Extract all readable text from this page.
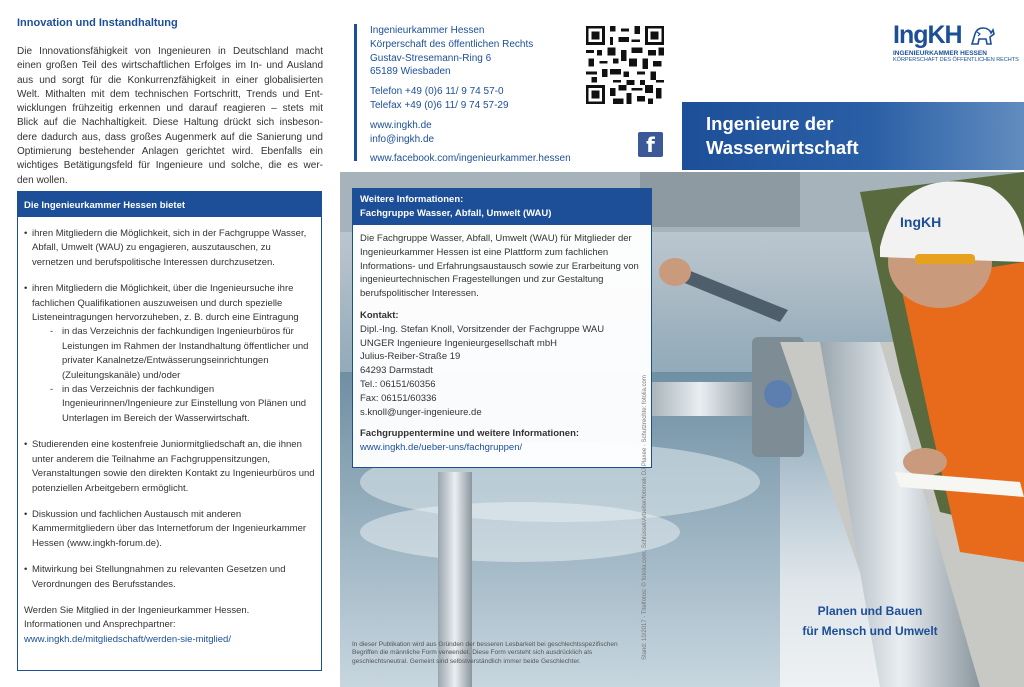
Innovation und Instandhaltung
Die Innovationsfähigkeit von Ingenieuren in Deutschland macht
einen großen Teil des wirtschaftlichen Erfolges im In- und Ausland
aus und sorgt für die Konkurrenzfähigkeit in einer globalisierten
Welt. Mithalten mit dem technischen Fortschritt, Trends und Ent-
wicklungen frühzeitig erkennen und darauf reagieren – stets mit
Blick auf die Nachhaltigkeit. Diese Haltung drückt sich insbeson-
dere dadurch aus, dass großes Augenmerk auf die Sanierung und
Optimierung bestehender Anlagen gerichtet wird. Ebenfalls ein
wichtiges Betätigungsfeld für Ingenieure und solche, die es wer-
den wollen.
Die Ingenieurkammer Hessen bietet
• ihren Mitgliedern die Möglichkeit, sich in der Fachgruppe Wasser, Abfall, Umwelt (WAU) zu engagieren, auszutauschen, zu vernetzen und berufspolitische Interessen durchzusetzen.
• ihren Mitgliedern die Möglichkeit, über die Ingenieursuche ihre fachlichen Qualifikationen auszuweisen und durch spezielle Listeneintragungen hervorzuheben, z. B. durch eine Eintragung
- in das Verzeichnis der fachkundigen Ingenieurbüros für Leistungen im Rahmen der Instandhaltung öffentlicher und privater Kanalnetze/Entwässerungseinrichtungen (Zuleitungskanäle) und/oder
- in das Verzeichnis der fachkundigen Ingenieurinnen/Ingenieure zur Einstellung von Plänen und Unterlagen im Bereich der Wasserwirtschaft.
• Studierenden eine kostenfreie Juniormitgliedschaft an, die ihnen unter anderem die Teilnahme an Fachgruppensitzungen, Veranstaltungen sowie den direkten Kontakt zu Ingenieurbüros und potenziellen Arbeitgebern ermöglicht.
• Diskussion und fachlichen Austausch mit anderen Kammermitgliedern über das Internetforum der Ingenieurkammer Hessen (www.ingkh-forum.de).
• Mitwirkung bei Stellungnahmen zu relevanten Gesetzen und Verordnungen des Berufsstandes.
Werden Sie Mitglied in der Ingenieurkammer Hessen.
Informationen und Ansprechpartner:
www.ingkh.de/mitgliedschaft/werden-sie-mitglied/
IngKH
Ingenieurkammer Hessen
Körperschaft des öffentlichen Rechts
Gustav-Stresemann-Ring 6
65189 Wiesbaden
Telefon +49 (0)6 11/ 9 74 57-0
Telefax +49 (0)6 11/ 9 74 57-29
www.ingkh.de
info@ingkh.de
www.facebook.com/ingenieurkammer.hessen
f
Weitere Informationen:
Fachgruppe Wasser, Abfall, Umwelt (WAU)

Die Fachgruppe Wasser, Abfall, Umwelt (WAU) für Mitglieder der Ingenieurkammer Hessen ist eine Plattform zum fachlichen Informations- und Erfahrungsaustausch sowie zur Erarbeitung von ingenieurtechnischen Fragestellungen und zur Gestaltung berufspolitischer Interessen.

Kontakt:
Dipl.-Ing. Stefan Knoll, Vorsitzender der Fachgruppe WAU
UNGER Ingenieure Ingenieurgesellschaft mbH
Julius-Reiber-Straße 19
64293 Darmstadt
Tel.: 06151/60356
Fax: 06151/60336

s.knoll@unger-ingenieure.de

Fachgruppentermine und weitere Informationen:
www.ingkh.de/ueber-uns/fachgruppen/
In dieser Publikation wird aus Gründen der besseren Lesbarkeit bei geschlechtsspezifischen Begriffen die männliche Form verwendet. Diese Form versteht sich ausdrücklich als geschlechtsneutral. Gemeint sind selbstverständlich immer beide Geschlechter.
Stand: 10/2017 · Titelfotos: © fotolia.com, Schlüssel/Arbeiter/fotomek DJ Plaxee · Schutzrechte: fotolia.com
IngKH
INGENIEURKAMMER HESSEN
KÖRPERSCHAFT DES ÖFFENTLICHEN RECHTS
Ingenieure der
Wasserwirtschaft
Planen und Bauen
für Mensch und Umwelt
